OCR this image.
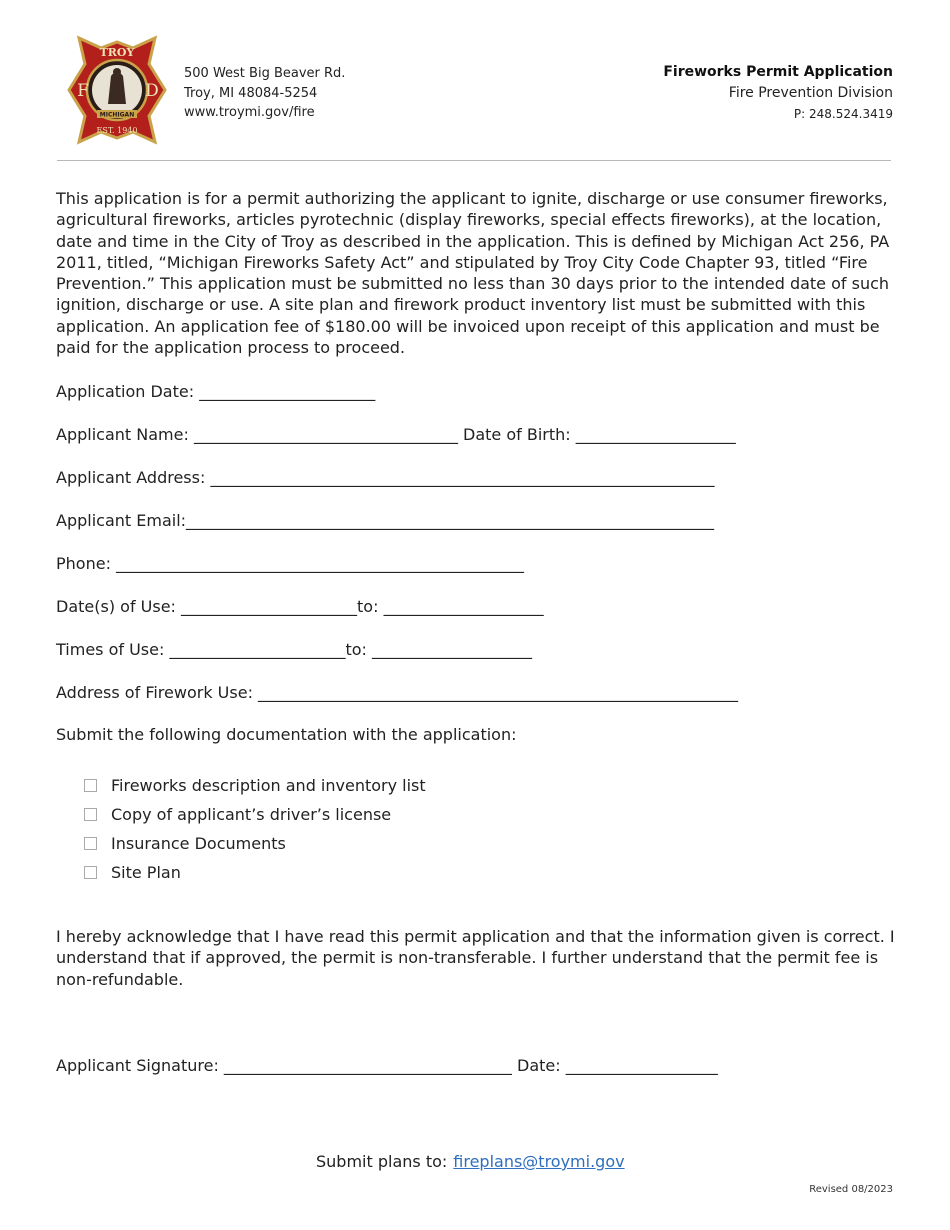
TROY
F	D
MICHIGAN
EST. 1940
500 West Big Beaver Rd.
Troy, MI 48084-5254
www.troymi.gov/fire
Fireworks Permit Application
Fire Prevention Division
P: 248.524.3419

This application is for a permit authorizing the applicant to ignite, discharge or use consumer fireworks, agricultural fireworks, articles pyrotechnic (display fireworks, special effects fireworks), at the location, date and time in the City of Troy as described in the application. This is defined by Michigan Act 256, PA 2011, titled, “Michigan Fireworks Safety Act” and stipulated by Troy City Code Chapter 93, titled “Fire Prevention.” This application must be submitted no less than 30 days prior to the intended date of such ignition, discharge or use. A site plan and firework product inventory list must be submitted with this application. An application fee of $180.00 will be invoiced upon receipt of this application and must be paid for the application process to proceed.

Application Date: ______________________
Applicant Name: _________________________________ Date of Birth: ____________________
Applicant Address: _______________________________________________________________
Applicant Email:__________________________________________________________________
Phone: ___________________________________________________
Date(s) of Use: ______________________to: ____________________
Times of Use: ______________________to: ____________________
Address of Firework Use: ____________________________________________________________
Submit the following documentation with the application:
Fireworks description and inventory list
Copy of applicant’s driver’s license
Insurance Documents
Site Plan

I hereby acknowledge that I have read this permit application and that the information given is correct. I understand that if approved, the permit is non-transferable. I further understand that the permit fee is non-refundable.

Applicant Signature: ____________________________________ Date: ___________________
Submit plans to: fireplans@troymi.gov
Revised 08/2023
